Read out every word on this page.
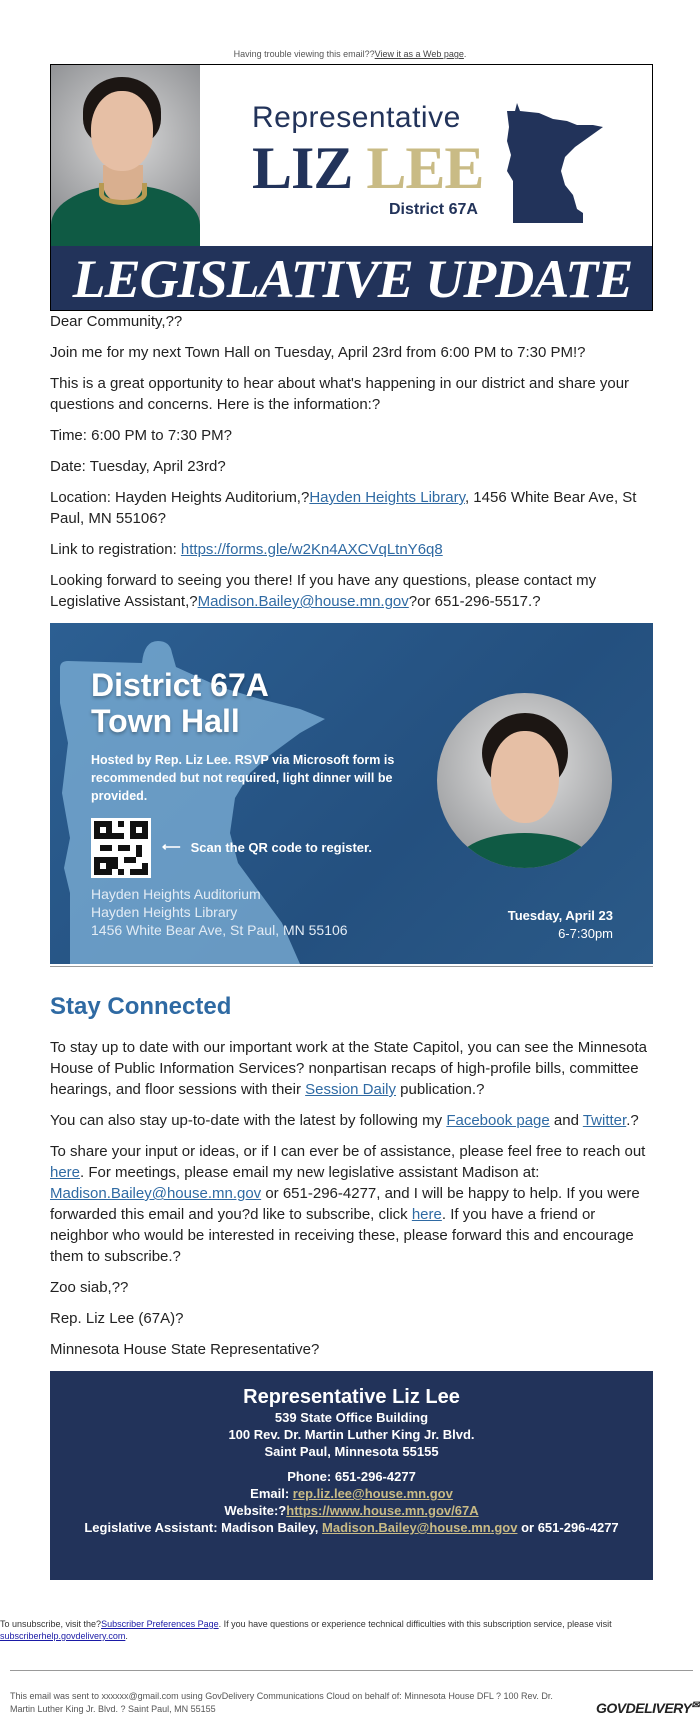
Having trouble viewing this email??View it as a Web page.
Representative
LIZ LEE
District 67A
LEGISLATIVE UPDATE

Dear Community,??

Join me for my next Town Hall on Tuesday, April 23rd from 6:00 PM to 7:30 PM!?

This is a great opportunity to hear about what's happening in our district and share your questions and concerns. Here is the information:?

Time: 6:00 PM to 7:30 PM?

Date: Tuesday, April 23rd?

Location: Hayden Heights Auditorium,?Hayden Heights Library, 1456 White Bear Ave, St Paul, MN 55106?

Link to registration: https://forms.gle/w2Kn4AXCVqLtnY6q8

Looking forward to seeing you there! If you have any questions, please contact my Legislative Assistant,?Madison.Bailey@house.mn.gov?or 651-296-5517.?

District 67A
Town Hall
Hosted by Rep. Liz Lee. RSVP via Microsoft form is recommended but not required, light dinner will be provided.
⟵ Scan the QR code to register.
Hayden Heights Auditorium
Hayden Heights Library
1456 White Bear Ave, St Paul, MN 55106
Tuesday, April 23
6-7:30pm
Stay Connected

To stay up to date with our important work at the State Capitol, you can see the Minnesota House of Public Information Services? nonpartisan recaps of high-profile bills, committee hearings, and floor sessions with their Session Daily publication.?

You can also stay up-to-date with the latest by following my Facebook page and Twitter.?

To share your input or ideas, or if I can ever be of assistance, please feel free to reach out here. For meetings, please email my new legislative assistant Madison at: Madison.Bailey@house.mn.gov or 651-296-4277, and I will be happy to help. If you were forwarded this email and you?d like to subscribe, click here. If you have a friend or neighbor who would be interested in receiving these, please forward this and encourage them to subscribe.?

Zoo siab,??

Rep. Liz Lee (67A)?

Minnesota House State Representative?

Representative Liz Lee
539 State Office Building
100 Rev. Dr. Martin Luther King Jr. Blvd.
Saint Paul, Minnesota 55155
Phone: 651-296-4277
Email: rep.liz.lee@house.mn.gov
Website:?https://www.house.mn.gov/67A
Legislative Assistant: Madison Bailey, Madison.Bailey@house.mn.gov or 651-296-4277
To unsubscribe, visit the?Subscriber Preferences Page. If you have questions or experience technical difficulties with this subscription service, please visit subscriberhelp.govdelivery.com.
This email was sent to xxxxxx@gmail.com using GovDelivery Communications Cloud on behalf of: Minnesota House DFL ? 100 Rev. Dr. Martin Luther King Jr. Blvd. ? Saint Paul, MN 55155	GOVDELIVERY✉
